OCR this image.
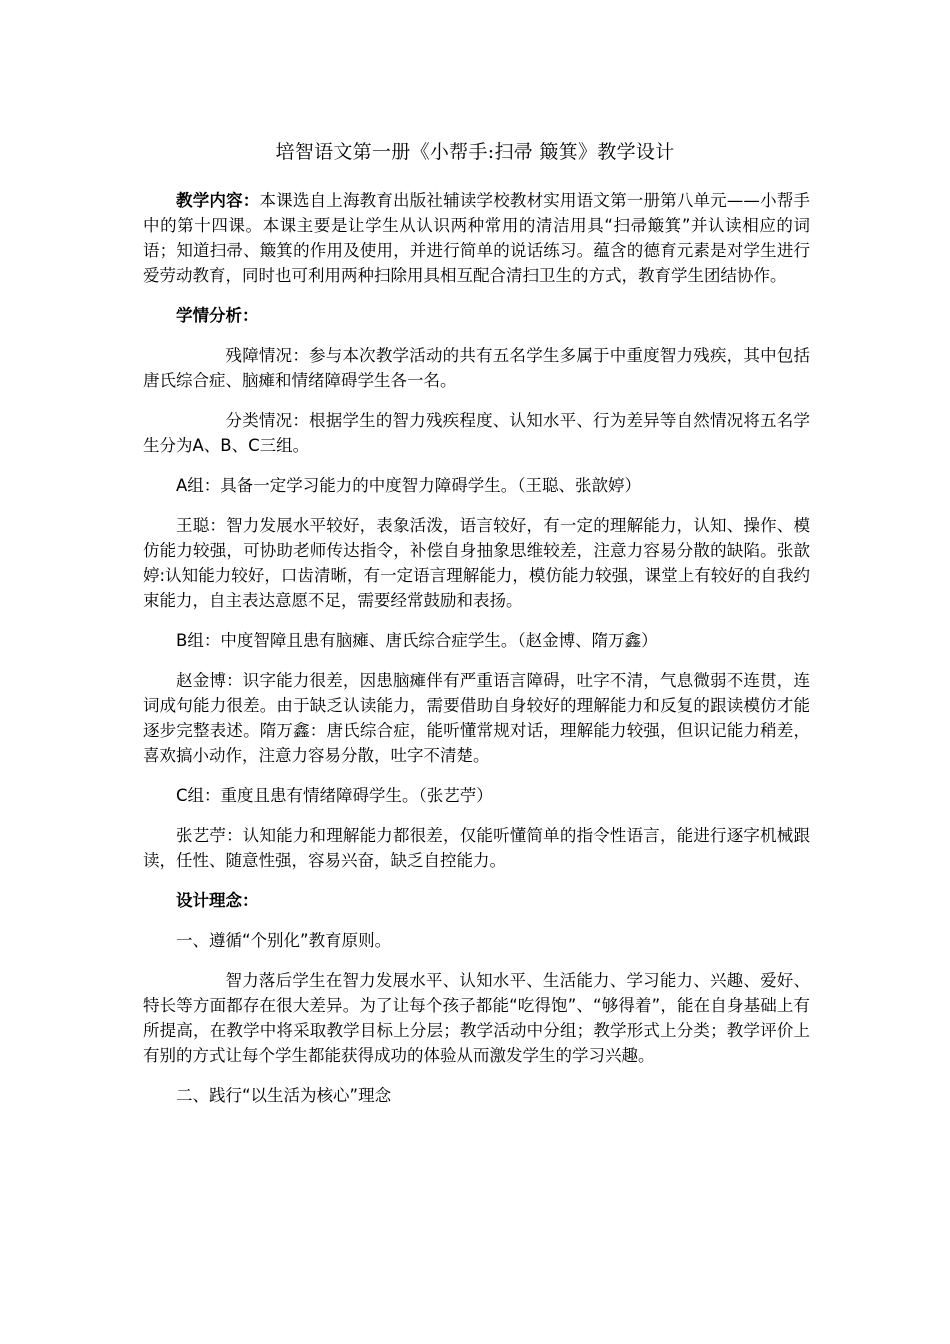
培智语文第一册《小帮手:扫帚 簸箕》教学设计

教学内容：本课选自上海教育出版社辅读学校教材实用语文第一册第八单元——小帮手中的第十四课。本课主要是让学生从认识两种常用的清洁用具“扫帚簸箕”并认读相应的词语；知道扫帚、簸箕的作用及使用，并进行简单的说话练习。蕴含的德育元素是对学生进行爱劳动教育，同时也可利用两种扫除用具相互配合清扫卫生的方式，教育学生团结协作。

学情分析：

残障情况：参与本次教学活动的共有五名学生多属于中重度智力残疾，其中包括唐氏综合症、脑瘫和情绪障碍学生各一名。

分类情况：根据学生的智力残疾程度、认知水平、行为差异等自然情况将五名学生分为A、B、C三组。

A组：具备一定学习能力的中度智力障碍学生。（王聪、张歆婷）

王聪：智力发展水平较好，表象活泼，语言较好，有一定的理解能力，认知、操作、模仿能力较强，可协助老师传达指令，补偿自身抽象思维较差，注意力容易分散的缺陷。张歆婷:认知能力较好，口齿清晰，有一定语言理解能力，模仿能力较强，课堂上有较好的自我约束能力，自主表达意愿不足，需要经常鼓励和表扬。

B组：中度智障且患有脑瘫、唐氏综合症学生。（赵金博、隋万鑫）

赵金博：识字能力很差，因患脑瘫伴有严重语言障碍，吐字不清，气息微弱不连贯，连词成句能力很差。由于缺乏认读能力，需要借助自身较好的理解能力和反复的跟读模仿才能逐步完整表述。隋万鑫：唐氏综合症，能听懂常规对话，理解能力较强，但识记能力稍差，喜欢搞小动作，注意力容易分散，吐字不清楚。

C组：重度且患有情绪障碍学生。（张艺苧）

张艺苧：认知能力和理解能力都很差，仅能听懂简单的指令性语言，能进行逐字机械跟读，任性、随意性强，容易兴奋，缺乏自控能力。

设计理念：

一、遵循“个别化”教育原则。

智力落后学生在智力发展水平、认知水平、生活能力、学习能力、兴趣、爱好、特长等方面都存在很大差异。为了让每个孩子都能“吃得饱”、“够得着”，能在自身基础上有所提高，在教学中将采取教学目标上分层；教学活动中分组；教学形式上分类；教学评价上有别的方式让每个学生都能获得成功的体验从而激发学生的学习兴趣。

二、践行“以生活为核心”理念
